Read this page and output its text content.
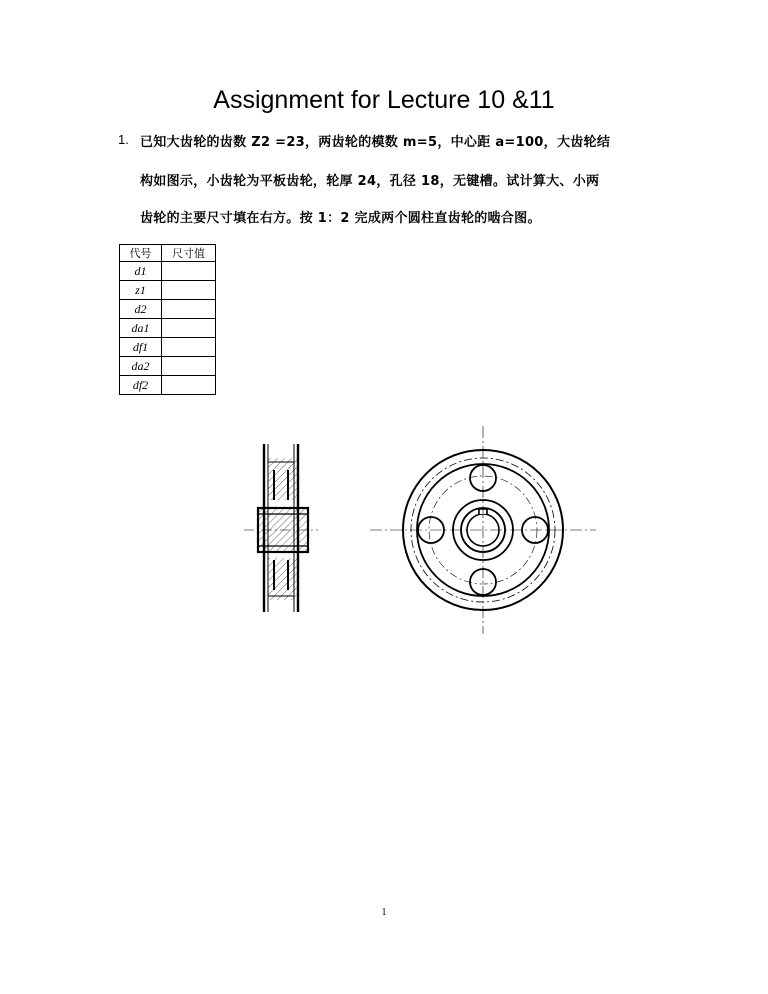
Assignment for Lecture 10 &11
1. 已知大齿轮的齿数 Z2 =23，两齿轮的模数 m=5，中心距 a=100，大齿轮结
构如图示，小齿轮为平板齿轮，轮厚 24，孔径 18，无键槽。试计算大、小两
齿轮的主要尺寸填在右方。按 1：2 完成两个圆柱直齿轮的啮合图。
代号	尺寸值
d1	
z1	
d2	
da1	
df1	
da2	
df2	
1
